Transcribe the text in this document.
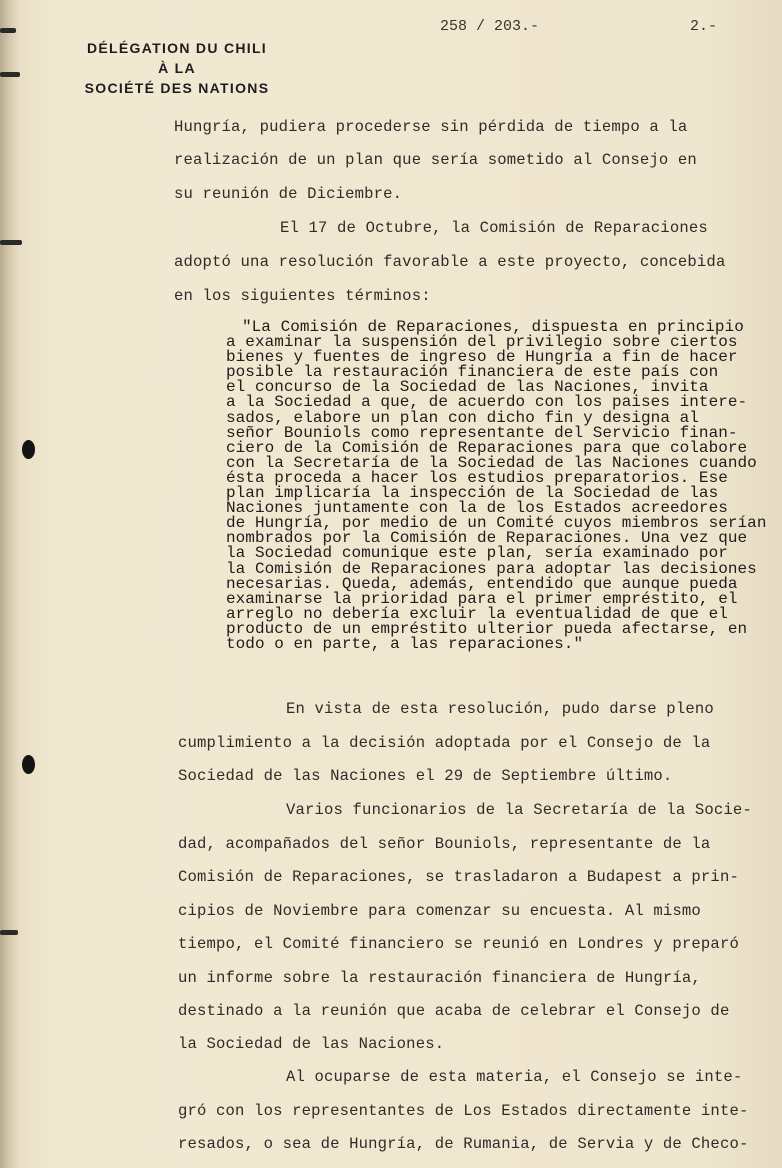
DÉLÉGATION DU CHILI
À LA
SOCIÉTÉ DES NATIONS
258 / 203.-	2.-
Hungría, pudiera procederse sin pérdida de tiempo a la
realización de un plan que sería sometido al Consejo en
su reunión de Diciembre.
El 17 de Octubre, la Comisión de Reparaciones
adoptó una resolución favorable a este proyecto, concebida
en los siguientes términos:
"La Comisión de Reparaciones, dispuesta en principio
a examinar la suspensión del privilegio sobre ciertos
bienes y fuentes de ingreso de Hungría a fin de hacer
posible la restauración financiera de este país con
el concurso de la Sociedad de las Naciones, invita
a la Sociedad a que, de acuerdo con los paises intere-
sados, elabore un plan con dicho fin y designa al
señor Bouniols como representante del Servicio finan-
ciero de la Comisión de Reparaciones para que colabore
con la Secretaría de la Sociedad de las Naciones cuando
ésta proceda a hacer los estudios preparatorios. Ese
plan implicaría la inspección de la Sociedad de las
Naciones juntamente con la de los Estados acreedores
de Hungría, por medio de un Comité cuyos miembros serían
nombrados por la Comisión de Reparaciones. Una vez que
la Sociedad comunique este plan, sería examinado por
la Comisión de Reparaciones para adoptar las decisiones
necesarias. Queda, además, entendido que aunque pueda
examinarse la prioridad para el primer empréstito, el
arreglo no debería excluir la eventualidad de que el
producto de un empréstito ulterior pueda afectarse, en
todo o en parte, a las reparaciones."
En vista de esta resolución, pudo darse pleno
cumplimiento a la decisión adoptada por el Consejo de la
Sociedad de las Naciones el 29 de Septiembre último.
Varios funcionarios de la Secretaría de la Socie-
dad, acompañados del señor Bouniols, representante de la
Comisión de Reparaciones, se trasladaron a Budapest a prin-
cipios de Noviembre para comenzar su encuesta. Al mismo
tiempo, el Comité financiero se reunió en Londres y preparó
un informe sobre la restauración financiera de Hungría,
destinado a la reunión que acaba de celebrar el Consejo de
la Sociedad de las Naciones.
Al ocuparse de esta materia, el Consejo se inte-
gró con los representantes de Los Estados directamente inte-
resados, o sea de Hungría, de Rumania, de Servia y de Checo-
